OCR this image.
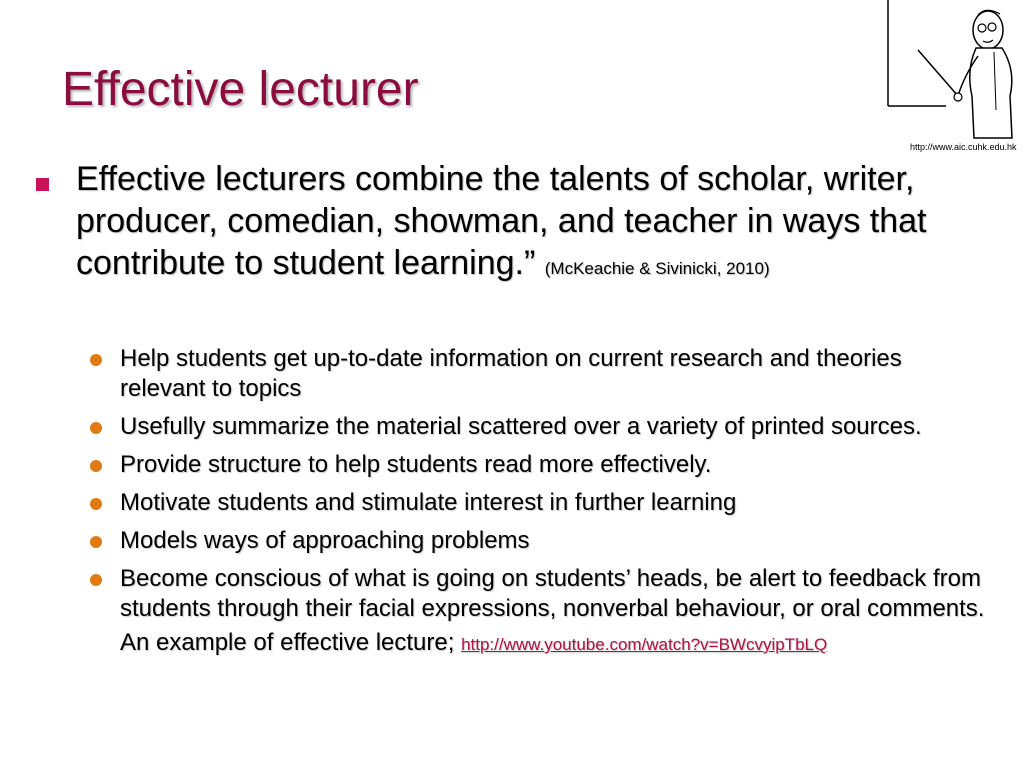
Effective lecturer
http://www.aic.cuhk.edu.hk
Effective lecturers combine the talents of scholar, writer, producer, comedian, showman, and teacher in ways that contribute to student learning.” (McKeachie & Sivinicki, 2010)
Help students get up-to-date information on current research and theories relevant to topics
Usefully summarize the material scattered over a variety of printed sources.
Provide structure to help students read more effectively.
Motivate students and stimulate interest in further learning
Models ways of approaching problems
Become conscious of what is going on students’ heads, be alert to feedback from students through their facial expressions, nonverbal behaviour, or oral comments.
An example of effective lecture; http://www.youtube.com/watch?v=BWcvyipTbLQ
